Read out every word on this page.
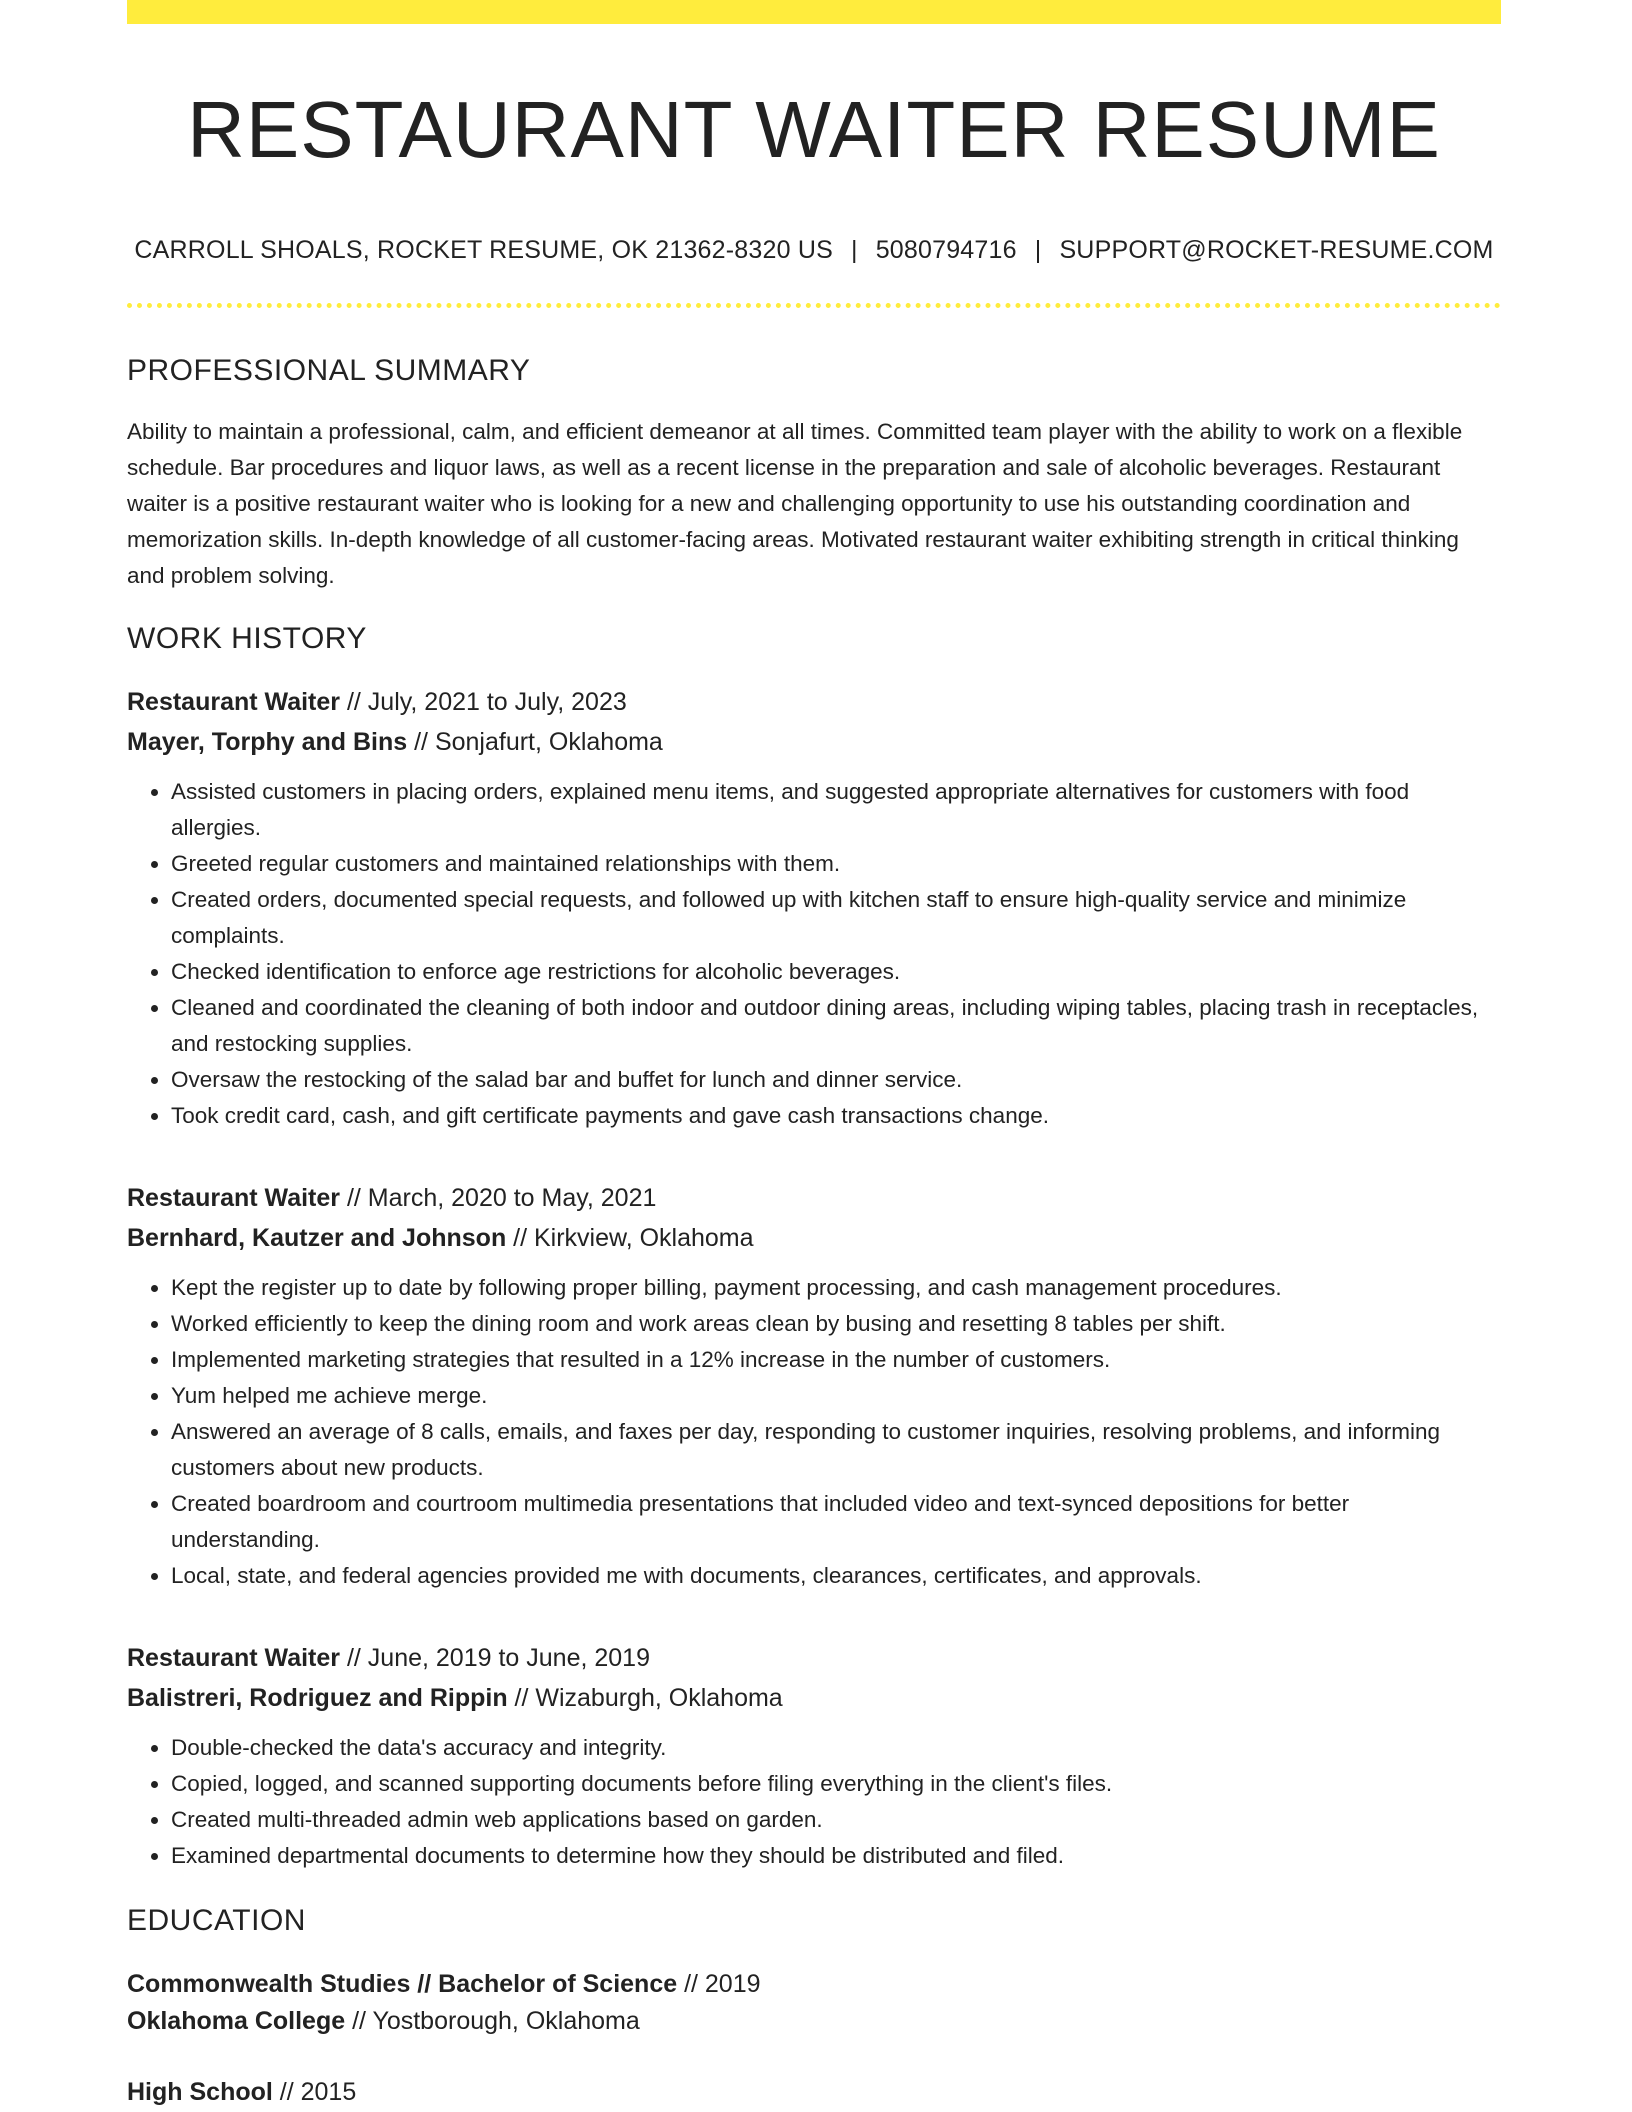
RESTAURANT WAITER RESUME
CARROLL SHOALS, ROCKET RESUME, OK 21362-8320 US | 5080794716 | SUPPORT@ROCKET-RESUME.COM
PROFESSIONAL SUMMARY
Ability to maintain a professional, calm, and efficient demeanor at all times. Committed team player with the ability to work on a flexible schedule. Bar procedures and liquor laws, as well as a recent license in the preparation and sale of alcoholic beverages. Restaurant waiter is a positive restaurant waiter who is looking for a new and challenging opportunity to use his outstanding coordination and memorization skills. In-depth knowledge of all customer-facing areas. Motivated restaurant waiter exhibiting strength in critical thinking and problem solving.
WORK HISTORY
Restaurant Waiter // July, 2021 to July, 2023
Mayer, Torphy and Bins // Sonjafurt, Oklahoma
• Assisted customers in placing orders, explained menu items, and suggested appropriate alternatives for customers with food allergies.
• Greeted regular customers and maintained relationships with them.
• Created orders, documented special requests, and followed up with kitchen staff to ensure high-quality service and minimize complaints.
• Checked identification to enforce age restrictions for alcoholic beverages.
• Cleaned and coordinated the cleaning of both indoor and outdoor dining areas, including wiping tables, placing trash in receptacles, and restocking supplies.
• Oversaw the restocking of the salad bar and buffet for lunch and dinner service.
• Took credit card, cash, and gift certificate payments and gave cash transactions change.
Restaurant Waiter // March, 2020 to May, 2021
Bernhard, Kautzer and Johnson // Kirkview, Oklahoma
• Kept the register up to date by following proper billing, payment processing, and cash management procedures.
• Worked efficiently to keep the dining room and work areas clean by busing and resetting 8 tables per shift.
• Implemented marketing strategies that resulted in a 12% increase in the number of customers.
• Yum helped me achieve merge.
• Answered an average of 8 calls, emails, and faxes per day, responding to customer inquiries, resolving problems, and informing customers about new products.
• Created boardroom and courtroom multimedia presentations that included video and text-synced depositions for better understanding.
• Local, state, and federal agencies provided me with documents, clearances, certificates, and approvals.
Restaurant Waiter // June, 2019 to June, 2019
Balistreri, Rodriguez and Rippin // Wizaburgh, Oklahoma
• Double-checked the data's accuracy and integrity.
• Copied, logged, and scanned supporting documents before filing everything in the client's files.
• Created multi-threaded admin web applications based on garden.
• Examined departmental documents to determine how they should be distributed and filed.
EDUCATION
Commonwealth Studies // Bachelor of Science // 2019
Oklahoma College // Yostborough, Oklahoma
High School // 2015
